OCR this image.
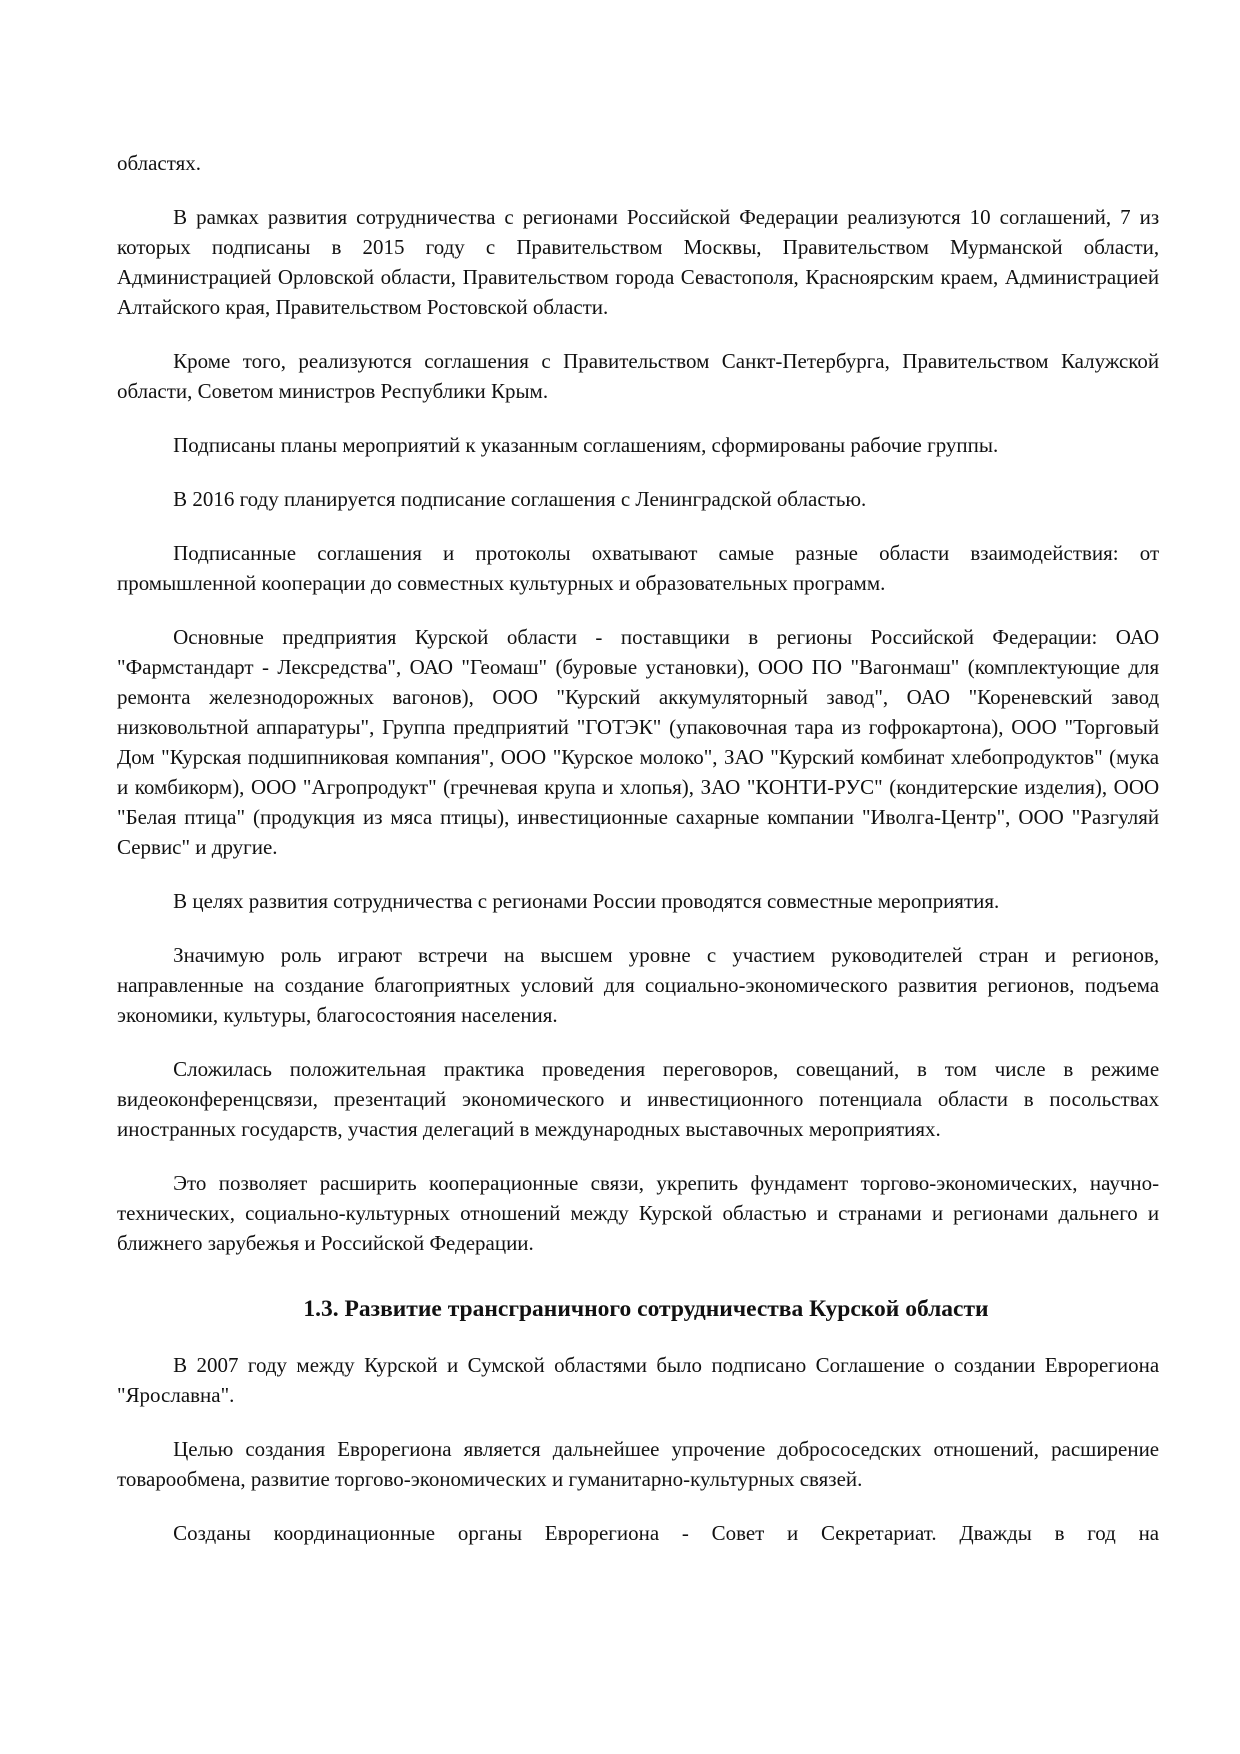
областях.

В рамках развития сотрудничества с регионами Российской Федерации реализуются 10 соглашений, 7 из которых подписаны в 2015 году с Правительством Москвы, Правительством Мурманской области, Администрацией Орловской области, Правительством города Севастополя, Красноярским краем, Администрацией Алтайского края, Правительством Ростовской области.

Кроме того, реализуются соглашения с Правительством Санкт-Петербурга, Правительством Калужской области, Советом министров Республики Крым.

Подписаны планы мероприятий к указанным соглашениям, сформированы рабочие группы.

В 2016 году планируется подписание соглашения с Ленинградской областью.

Подписанные соглашения и протоколы охватывают самые разные области взаимодействия: от промышленной кооперации до совместных культурных и образовательных программ.

Основные предприятия Курской области - поставщики в регионы Российской Федерации: ОАО "Фармстандарт - Лексредства", ОАО "Геомаш" (буровые установки), ООО ПО "Вагонмаш" (комплектующие для ремонта железнодорожных вагонов), ООО "Курский аккумуляторный завод", ОАО "Кореневский завод низковольтной аппаратуры", Группа предприятий "ГОТЭК" (упаковочная тара из гофрокартона), ООО "Торговый Дом "Курская подшипниковая компания", ООО "Курское молоко", ЗАО "Курский комбинат хлебопродуктов" (мука и комбикорм), ООО "Агропродукт" (гречневая крупа и хлопья), ЗАО "КОНТИ-РУС" (кондитерские изделия), ООО "Белая птица" (продукция из мяса птицы), инвестиционные сахарные компании "Иволга-Центр", ООО "Разгуляй Сервис" и другие.

В целях развития сотрудничества с регионами России проводятся совместные мероприятия.

Значимую роль играют встречи на высшем уровне с участием руководителей стран и регионов, направленные на создание благоприятных условий для социально-экономического развития регионов, подъема экономики, культуры, благосостояния населения.

Сложилась положительная практика проведения переговоров, совещаний, в том числе в режиме видеоконференцсвязи, презентаций экономического и инвестиционного потенциала области в посольствах иностранных государств, участия делегаций в международных выставочных мероприятиях.

Это позволяет расширить кооперационные связи, укрепить фундамент торгово-экономических, научно-технических, социально-культурных отношений между Курской областью и странами и регионами дальнего и ближнего зарубежья и Российской Федерации.

1.3. Развитие трансграничного сотрудничества Курской области

В 2007 году между Курской и Сумской областями было подписано Соглашение о создании Еврорегиона "Ярославна".

Целью создания Еврорегиона является дальнейшее упрочение добрососедских отношений, расширение товарообмена, развитие торгово-экономических и гуманитарно-культурных связей.

Созданы координационные органы Еврорегиона - Совет и Секретариат. Дважды в год на
